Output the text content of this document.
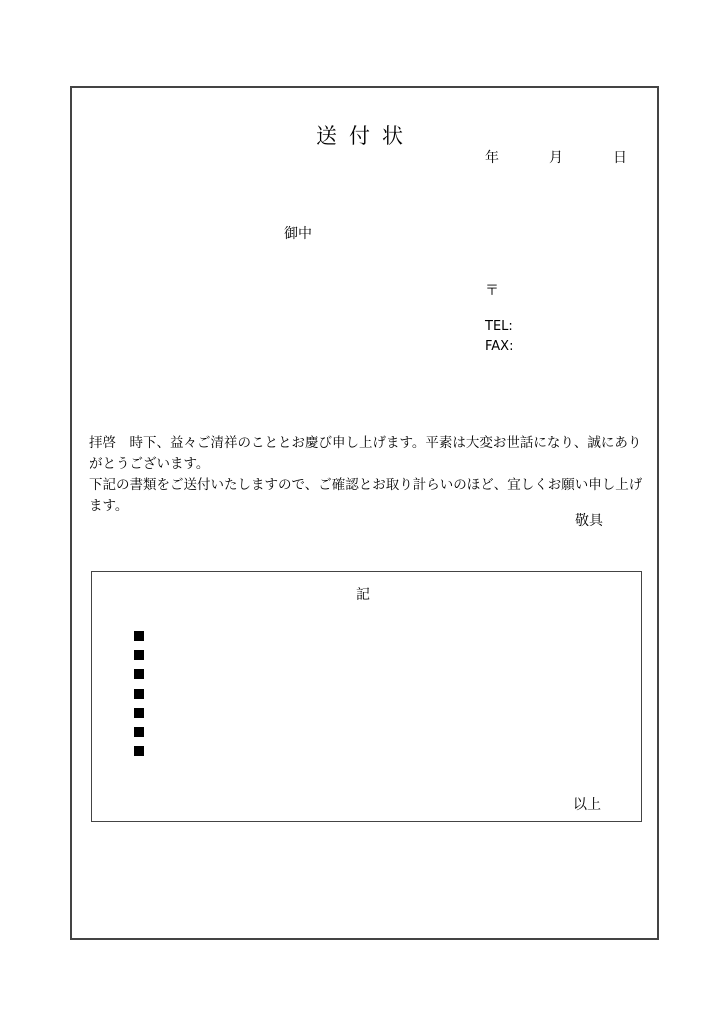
送付状
年	月	日
御中
〒
TEL:
FAX:

拝啓　時下、益々ご清祥のこととお慶び申し上げます。平素は大変お世話になり、誠にありがとうございます。

下記の書類をご送付いたしますので、ご確認とお取り計らいのほど、宜しくお願い申し上げます。

敬具
記
以上
